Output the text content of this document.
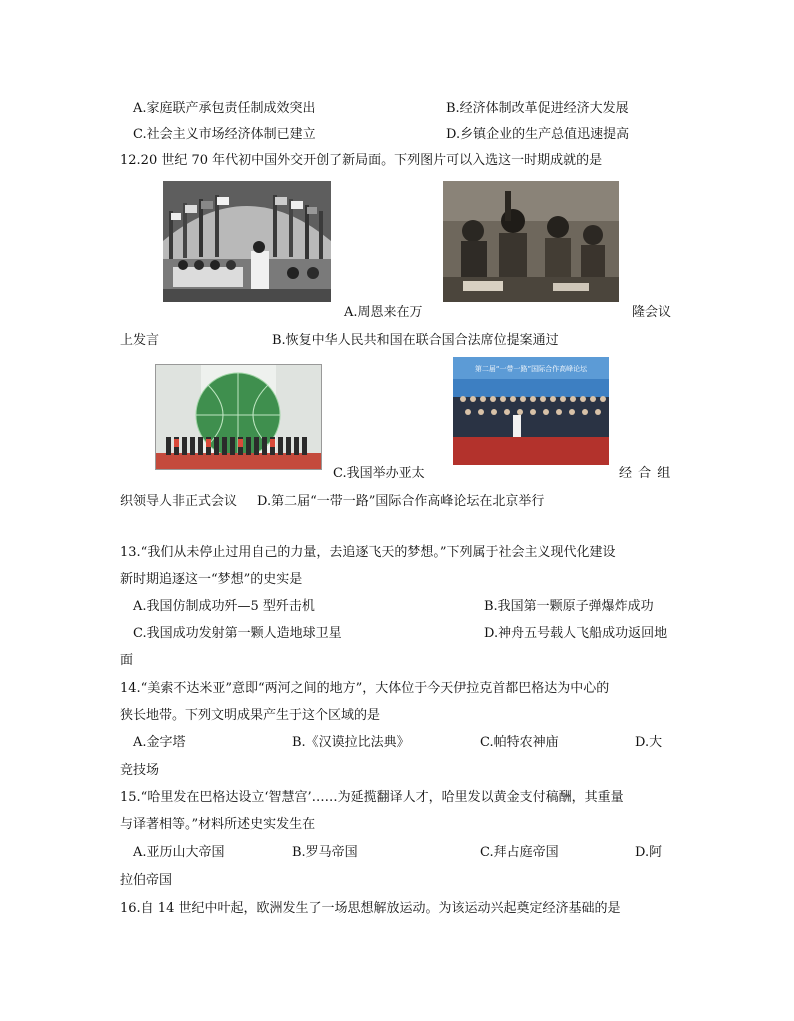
A.家庭联产承包责任制成效突出	B.经济体制改革促进经济大发展
C.社会主义市场经济体制已建立	D.乡镇企业的生产总值迅速提高
12.20 世纪 70 年代初中国外交开创了新局面。下列图片可以入选这一时期成就的是
A.周恩来在万	隆会议
上发言	B.恢复中华人民共和国在联合国合法席位提案通过
第二届“一带一路”国际合作高峰论坛
C.我国举办亚太	经 合 组
织领导人非正式会议 D.第二届“一带一路”国际合作高峰论坛在北京举行
13.“我们从未停止过用自己的力量，去追逐飞天的梦想。”下列属于社会主义现代化建设
新时期追逐这一“梦想”的史实是
A.我国仿制成功歼—5 型歼击机	B.我国第一颗原子弹爆炸成功
C.我国成功发射第一颗人造地球卫星	D.神舟五号载人飞船成功返回地
面
14.“美索不达米亚”意即“两河之间的地方”，大体位于今天伊拉克首都巴格达为中心的
狭长地带。下列文明成果产生于这个区域的是
A.金字塔	B.《汉谟拉比法典》	C.帕特农神庙	D.大
竞技场
15.“哈里发在巴格达设立‘智慧宫’……为延揽翻译人才，哈里发以黄金支付稿酬，其重量
与译著相等。”材料所述史实发生在
A.亚历山大帝国	B.罗马帝国	C.拜占庭帝国	D.阿
拉伯帝国
16.自 14 世纪中叶起，欧洲发生了一场思想解放运动。为该运动兴起奠定经济基础的是
